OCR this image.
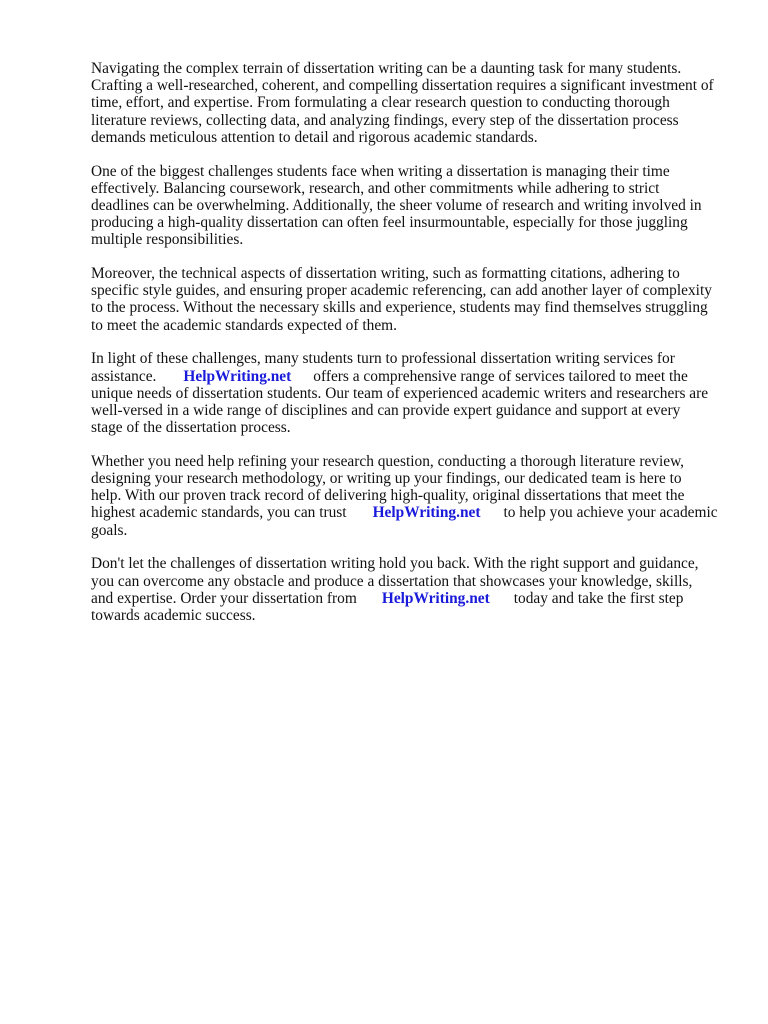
Navigating the complex terrain of dissertation writing can be a daunting task for many students.
Crafting a well-researched, coherent, and compelling dissertation requires a significant investment of
time, effort, and expertise. From formulating a clear research question to conducting thorough
literature reviews, collecting data, and analyzing findings, every step of the dissertation process
demands meticulous attention to detail and rigorous academic standards.

One of the biggest challenges students face when writing a dissertation is managing their time
effectively. Balancing coursework, research, and other commitments while adhering to strict
deadlines can be overwhelming. Additionally, the sheer volume of research and writing involved in
producing a high-quality dissertation can often feel insurmountable, especially for those juggling
multiple responsibilities.

Moreover, the technical aspects of dissertation writing, such as formatting citations, adhering to
specific style guides, and ensuring proper academic referencing, can add another layer of complexity
to the process. Without the necessary skills and experience, students may find themselves struggling
to meet the academic standards expected of them.

In light of these challenges, many students turn to professional dissertation writing services for
assistance. HelpWriting.net offers a comprehensive range of services tailored to meet the
unique needs of dissertation students. Our team of experienced academic writers and researchers are
well-versed in a wide range of disciplines and can provide expert guidance and support at every
stage of the dissertation process.

Whether you need help refining your research question, conducting a thorough literature review,
designing your research methodology, or writing up your findings, our dedicated team is here to
help. With our proven track record of delivering high-quality, original dissertations that meet the
highest academic standards, you can trust HelpWriting.net to help you achieve your academic
goals.

Don't let the challenges of dissertation writing hold you back. With the right support and guidance,
you can overcome any obstacle and produce a dissertation that showcases your knowledge, skills,
and expertise. Order your dissertation from HelpWriting.net today and take the first step
towards academic success.
